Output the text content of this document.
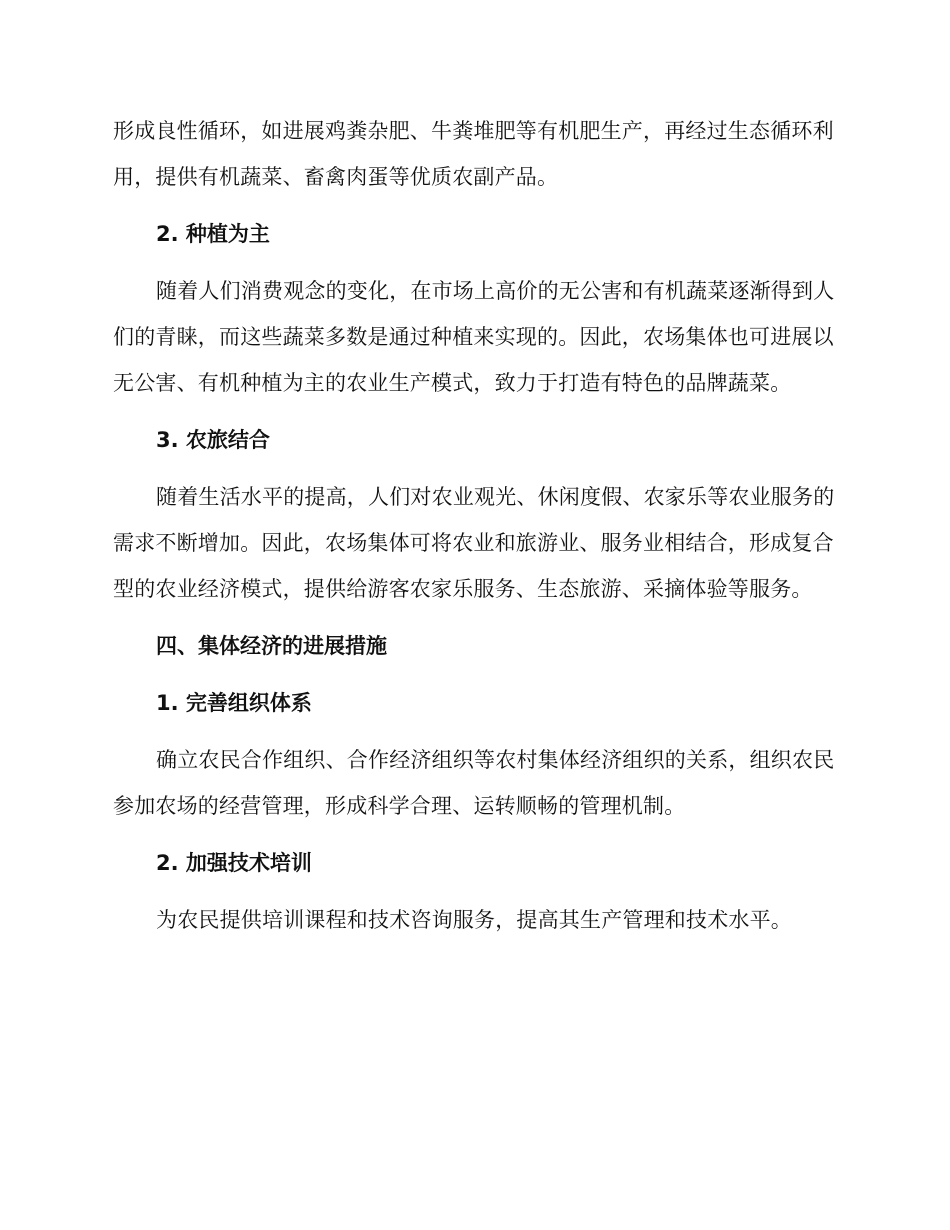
形成良性循环，如进展鸡粪杂肥、牛粪堆肥等有机肥生产，再经过生态循环利用，提供有机蔬菜、畜禽肉蛋等优质农副产品。

2. 种植为主

随着人们消费观念的变化，在市场上高价的无公害和有机蔬菜逐渐得到人们的青睐，而这些蔬菜多数是通过种植来实现的。因此，农场集体也可进展以无公害、有机种植为主的农业生产模式，致力于打造有特色的品牌蔬菜。

3. 农旅结合

随着生活水平的提高，人们对农业观光、休闲度假、农家乐等农业服务的需求不断增加。因此，农场集体可将农业和旅游业、服务业相结合，形成复合型的农业经济模式，提供给游客农家乐服务、生态旅游、采摘体验等服务。

四、集体经济的进展措施

1. 完善组织体系

确立农民合作组织、合作经济组织等农村集体经济组织的关系，组织农民参加农场的经营管理，形成科学合理、运转顺畅的管理机制。

2. 加强技术培训

为农民提供培训课程和技术咨询服务，提高其生产管理和技术水平。
